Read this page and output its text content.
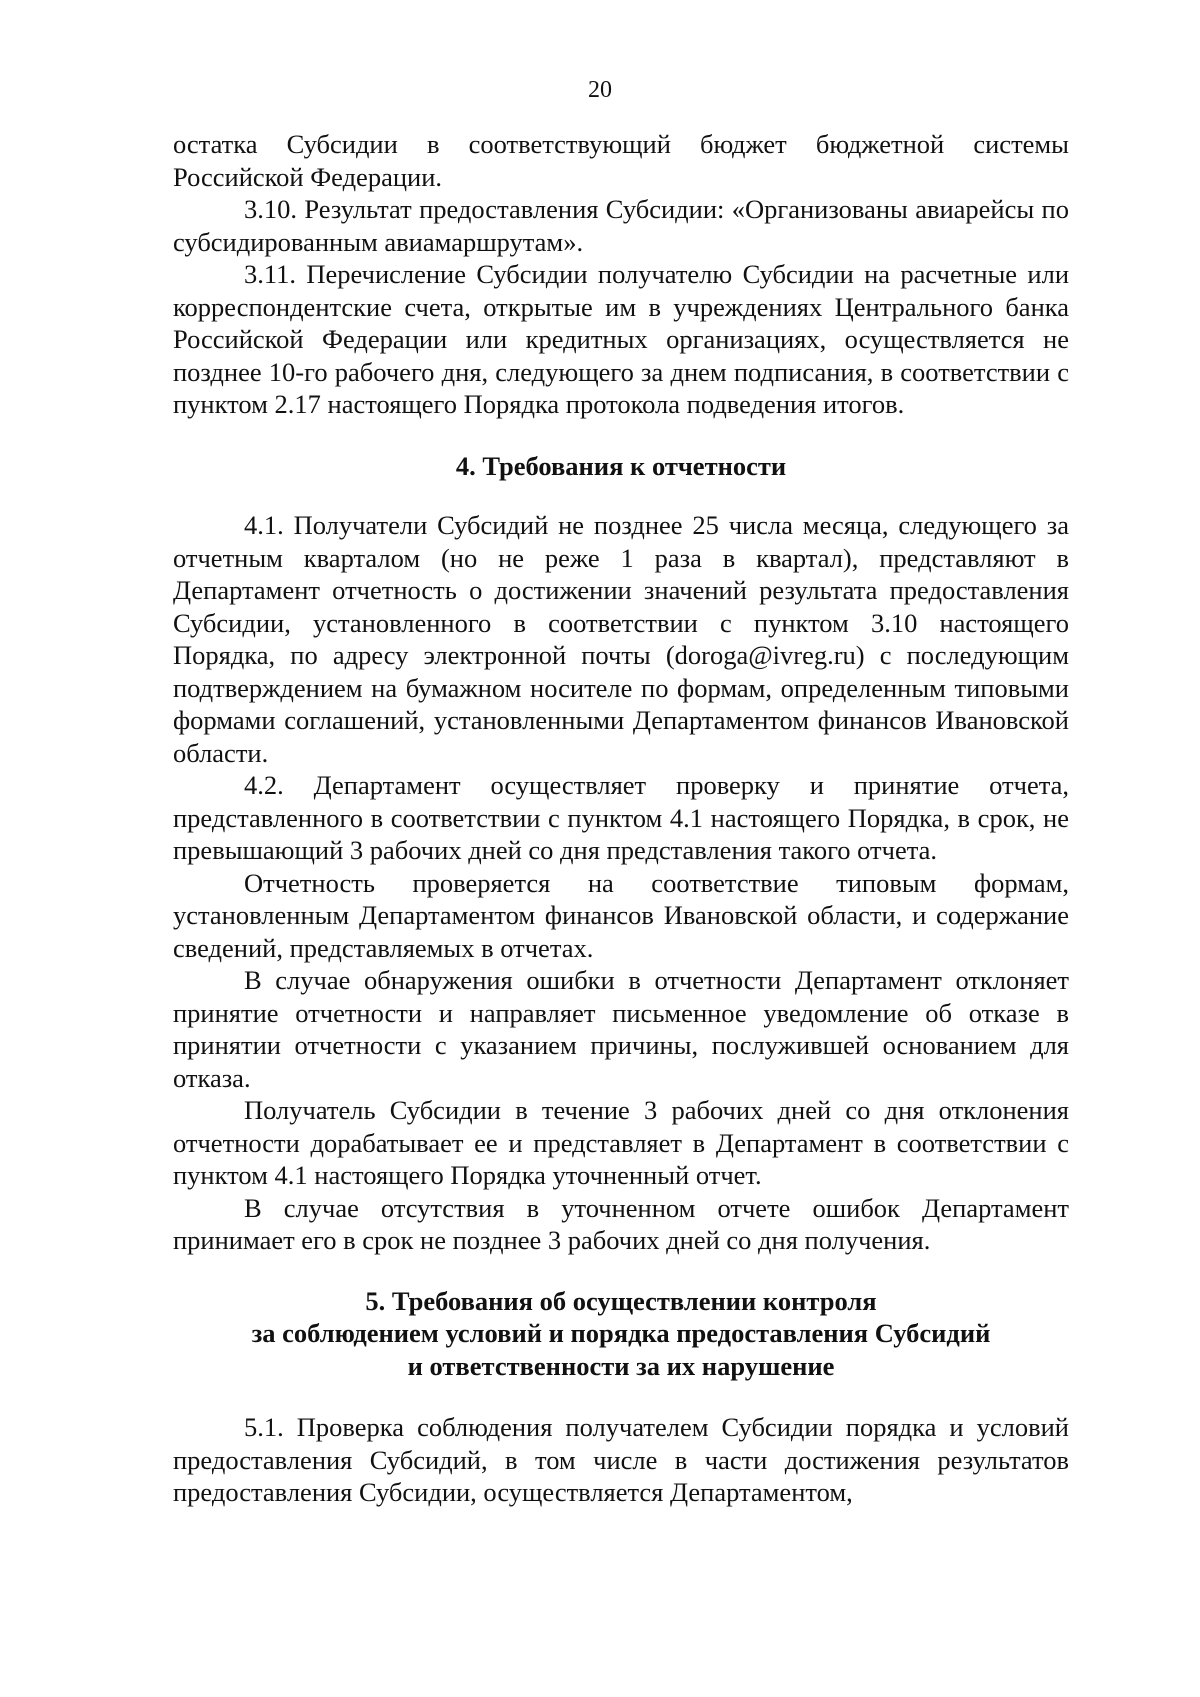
20

остатка Субсидии в соответствующий бюджет бюджетной системы Российской Федерации.

3.10. Результат предоставления Субсидии: «Организованы авиарейсы по субсидированным авиамаршрутам».

3.11. Перечисление Субсидии получателю Субсидии на расчетные или корреспондентские счета, открытые им в учреждениях Центрального банка Российской Федерации или кредитных организациях, осуществляется не позднее 10-го рабочего дня, следующего за днем подписания, в соответствии с пунктом 2.17 настоящего Порядка протокола подведения итогов.

4. Требования к отчетности

4.1. Получатели Субсидий не позднее 25 числа месяца, следующего за отчетным кварталом (но не реже 1 раза в квартал), представляют в Департамент отчетность о достижении значений результата предоставления Субсидии, установленного в соответствии с пунктом 3.10 настоящего Порядка, по адресу электронной почты (doroga@ivreg.ru) с последующим подтверждением на бумажном носителе по формам, определенным типовыми формами соглашений, установленными Департаментом финансов Ивановской области.

4.2. Департамент осуществляет проверку и принятие отчета, представленного в соответствии с пунктом 4.1 настоящего Порядка, в срок, не превышающий 3 рабочих дней со дня представления такого отчета.

Отчетность проверяется на соответствие типовым формам, установленным Департаментом финансов Ивановской области, и содержание сведений, представляемых в отчетах.

В случае обнаружения ошибки в отчетности Департамент отклоняет принятие отчетности и направляет письменное уведомление об отказе в принятии отчетности с указанием причины, послужившей основанием для отказа.

Получатель Субсидии в течение 3 рабочих дней со дня отклонения отчетности дорабатывает ее и представляет в Департамент в соответствии с пунктом 4.1 настоящего Порядка уточненный отчет.

В случае отсутствия в уточненном отчете ошибок Департамент принимает его в срок не позднее 3 рабочих дней со дня получения.

5. Требования об осуществлении контроля

за соблюдением условий и порядка предоставления Субсидий

и ответственности за их нарушение

5.1. Проверка соблюдения получателем Субсидии порядка и условий предоставления Субсидий, в том числе в части достижения результатов предоставления Субсидии, осуществляется Департаментом,
